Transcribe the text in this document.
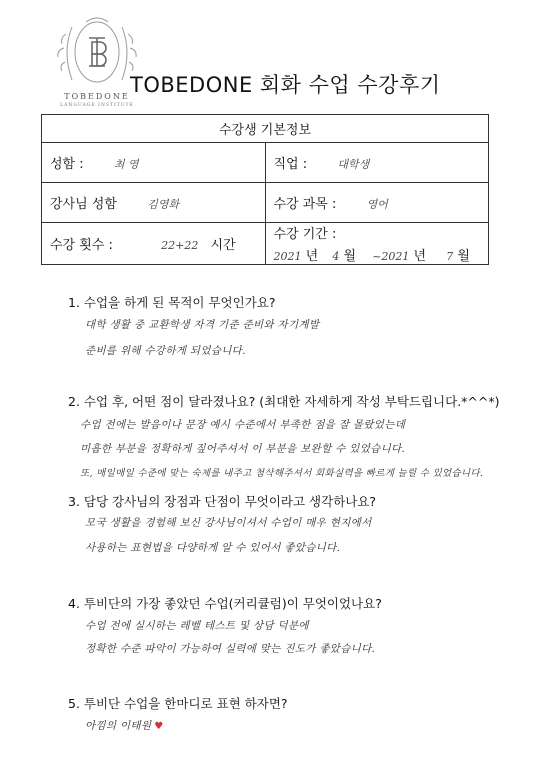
TOBEDONE
LANGUAGE INSTITUTE
TOBEDONE 회화 수업 수강후기
수강생 기본정보	
성함 : 최 영	직업 : 대학생
강사님 성함 김영화	수강 과목 : 영어
수강 횟수 : 22+22 시간	수강 기간 :
2021 년 4 월 ~2021 년 7 월
1. 수업을 하게 된 목적이 무엇인가요?
대학 생활 중 교환학생 자격 기준 준비와 자기계발
준비를 위해 수강하게 되었습니다.
2. 수업 후, 어떤 점이 달라졌나요? (최대한 자세하게 작성 부탁드립니다.*^^*)
수업 전에는 발음이나 문장 예시 수준에서 부족한 점을 잘 몰랐었는데
미흡한 부분을 정확하게 짚어주셔서 이 부분을 보완할 수 있었습니다.
또, 매일매일 수준에 맞는 숙제를 내주고 첨삭해주셔서 회화실력을 빠르게 늘릴 수 있었습니다.
3. 담당 강사님의 장점과 단점이 무엇이라고 생각하나요?
모국 생활을 경험해 보신 강사님이셔서 수업이 매우 현지에서
사용하는 표현법을 다양하게 알 수 있어서 좋았습니다.
4. 투비단의 가장 좋았던 수업(커리큘럼)이 무엇이었나요?
수업 전에 실시하는 레벨 테스트 및 상담 덕분에
정확한 수준 파악이 가능하여 실력에 맞는 진도가 좋았습니다.
5. 투비단 수업을 한마디로 표현 하자면?
아낌의 이태원 ♥
